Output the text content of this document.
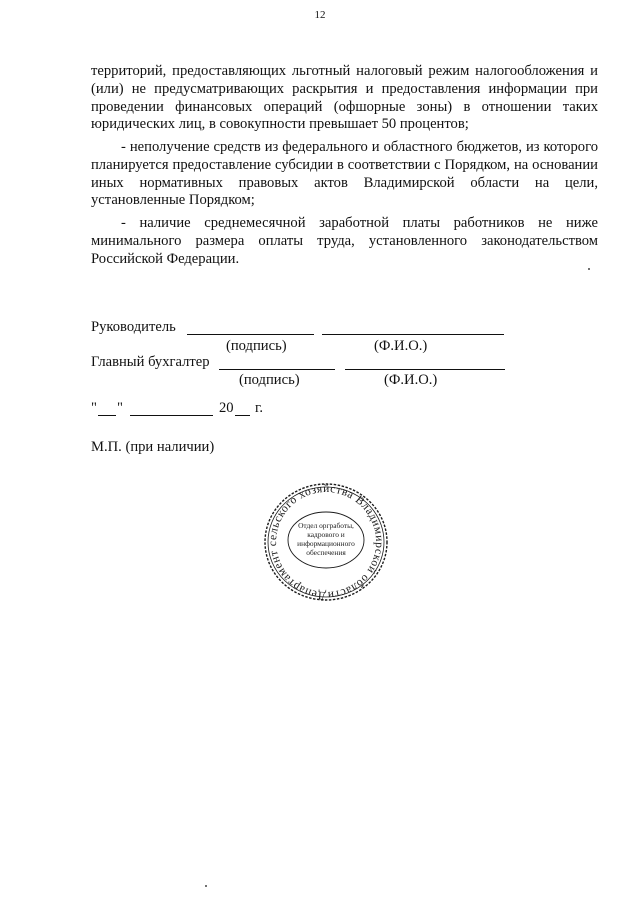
12
территорий, предоставляющих льготный налоговый режим налогообложения и (или) не предусматривающих раскрытия и предоставления информации при проведении финансовых операций (офшорные зоны) в отношении таких юридических лиц, в совокупности превышает 50 процентов;
- неполучение средств из федерального и областного бюджетов, из которого планируется предоставление субсидии в соответствии с Порядком, на основании иных нормативных правовых актов Владимирской области на цели, установленные Порядком;
- наличие среднемесячной заработной платы работников не ниже минимального размера оплаты труда, установленного законодательством Российской Федерации.
Руководитель
(подпись)	(Ф.И.О.)
Главный бухгалтер
(подпись)	(Ф.И.О.)
" "	20 г.
М.П. (при наличии)
Департамент сельского хозяйства Владимирской области
Отдел оргработы,
кадрового и
информационного
обеспечения
